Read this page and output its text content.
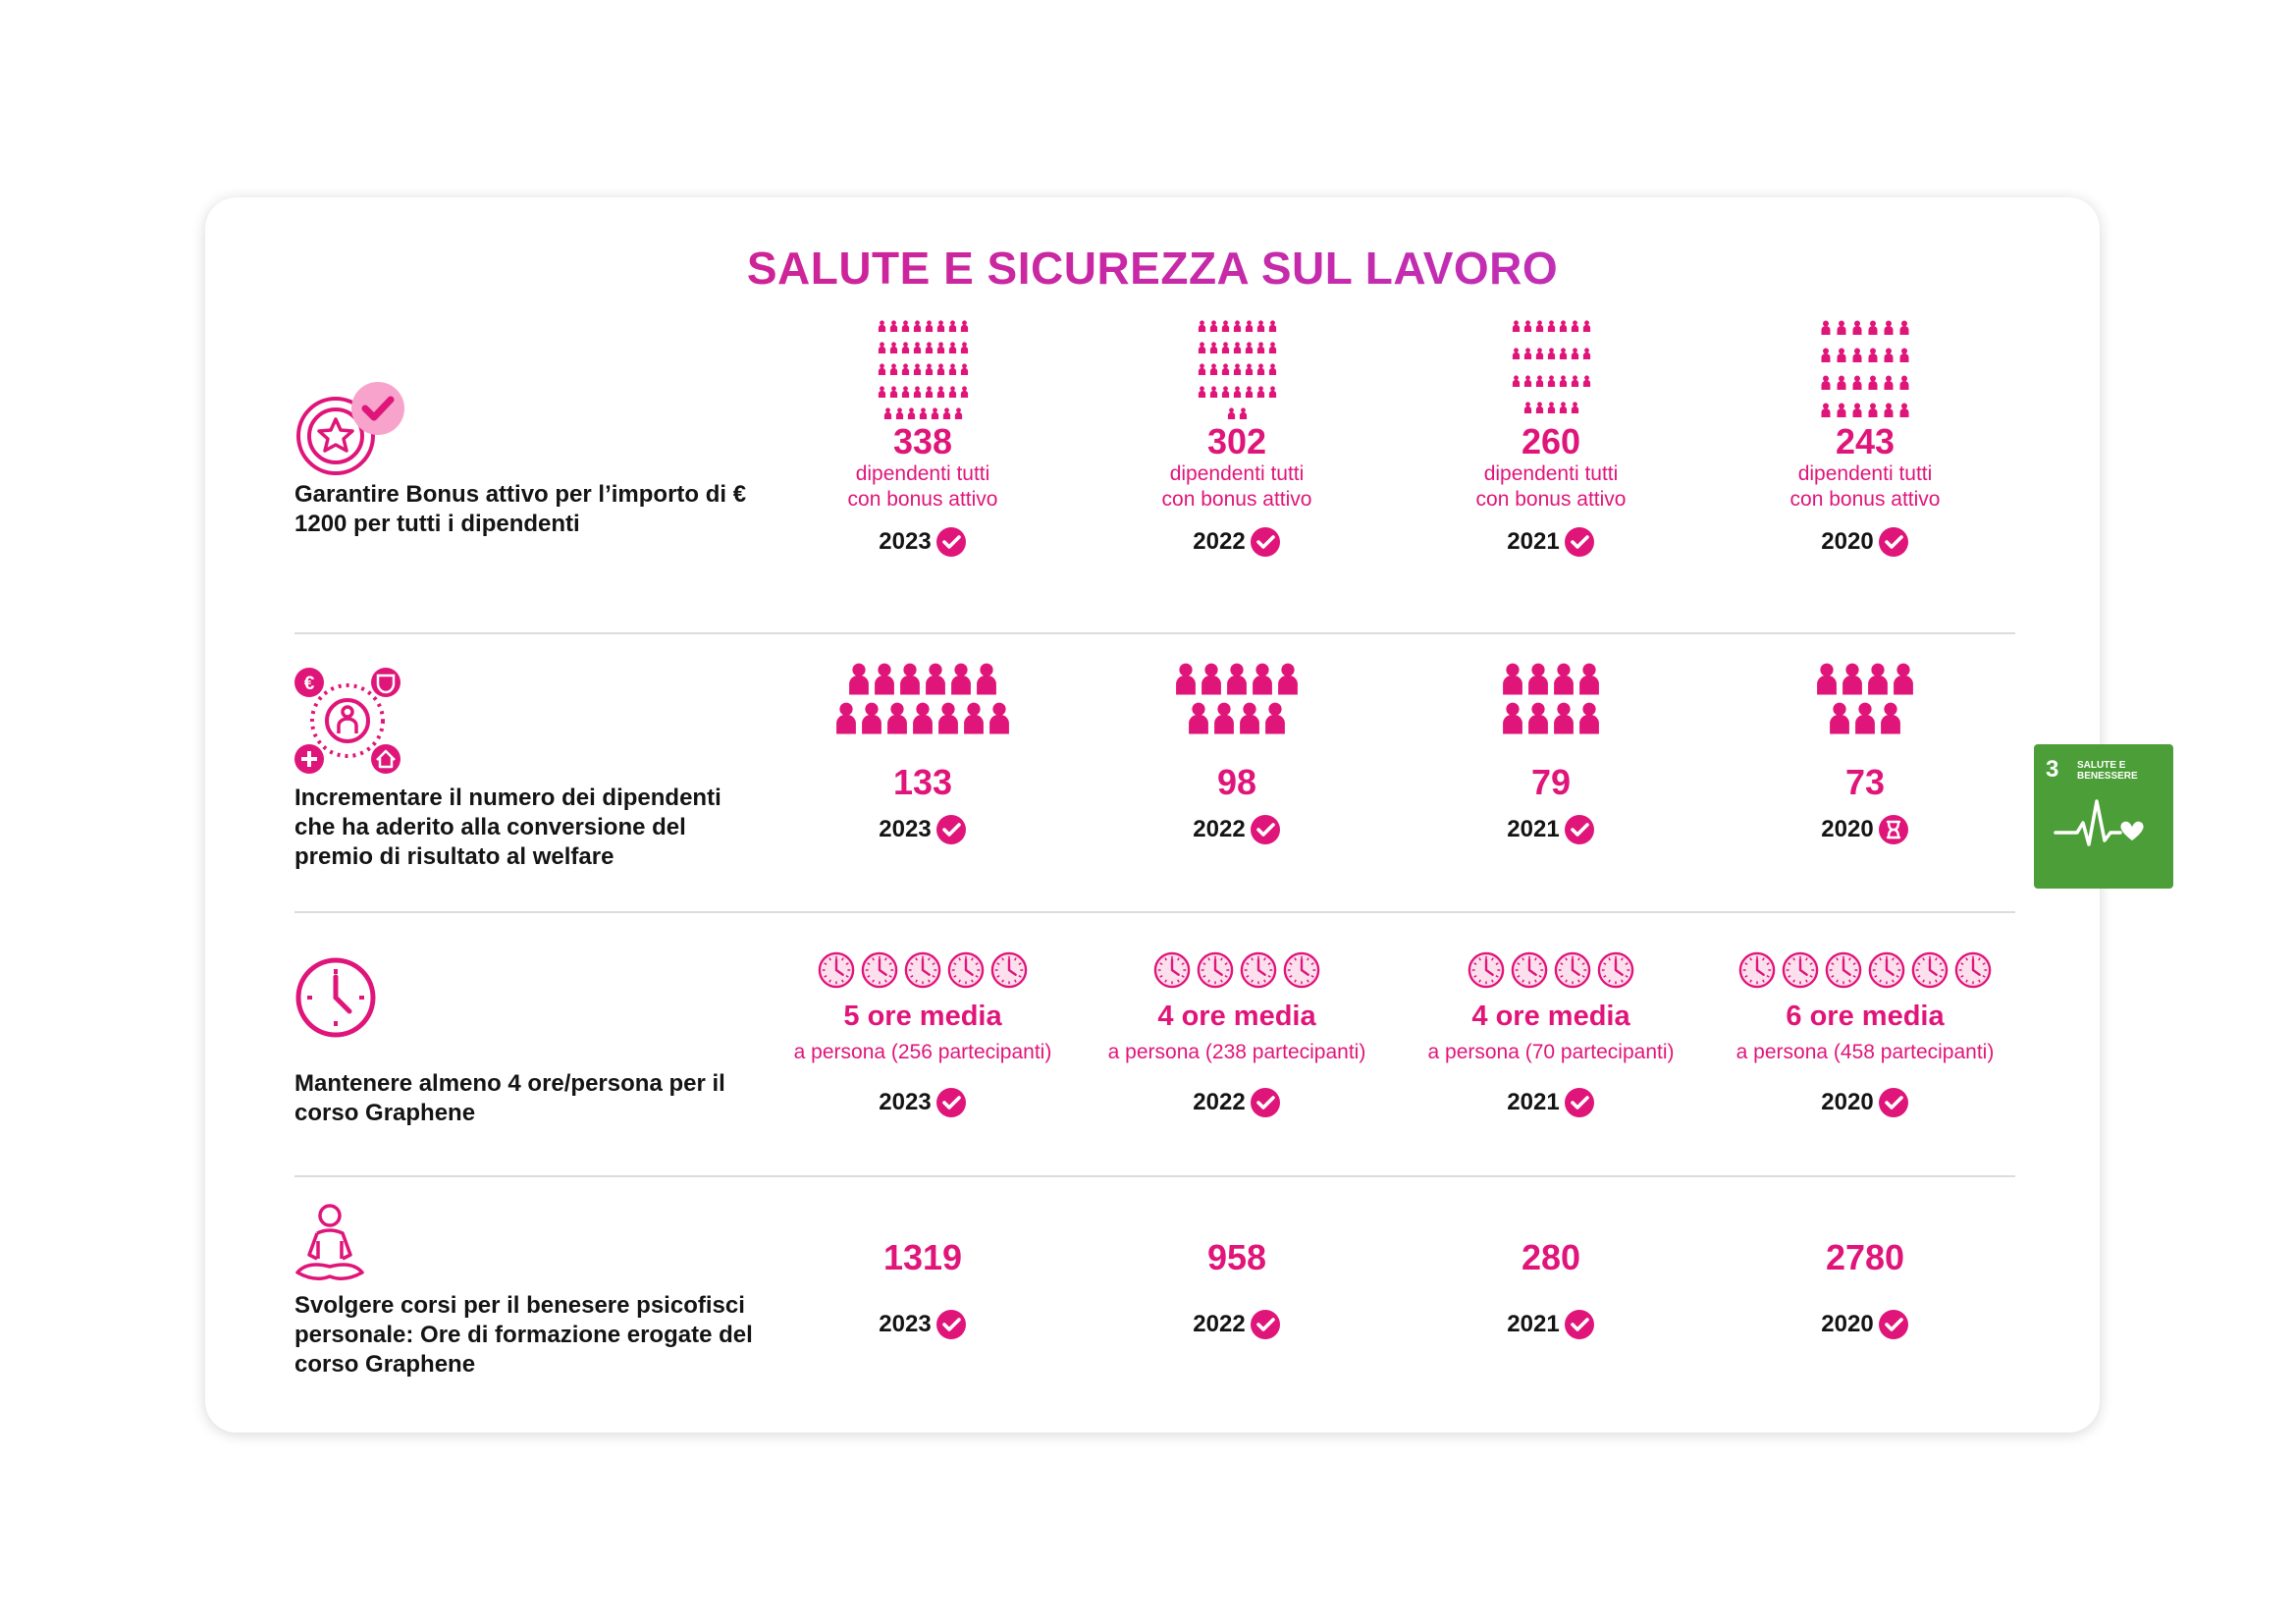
SALUTE E SICUREZZA SUL LAVORO
Garantire Bonus attivo per l’importo di € 1200 per tutti i dipendenti
338
dipendenti tutti
con bonus attivo
2023
302
dipendenti tutti
con bonus attivo
2022
260
dipendenti tutti
con bonus attivo
2021
243
dipendenti tutti
con bonus attivo
2020
€
Incrementare il numero dei dipendenti che ha aderito alla conversione del premio di risultato al welfare
133
2023
98
2022
79
2021
73
2020
Mantenere almeno 4 ore/persona per il corso Graphene
5 ore media
a persona (256 partecipanti)
2023
4 ore media
a persona (238 partecipanti)
2022
4 ore media
a persona (70 partecipanti)
2021
6 ore media
a persona (458 partecipanti)
2020
Svolgere corsi per il benesere psicofisci personale: Ore di formazione erogate del corso Graphene
1319
2023
958
2022
280
2021
2780
2020
3 SALUTE E
BENESSERE
